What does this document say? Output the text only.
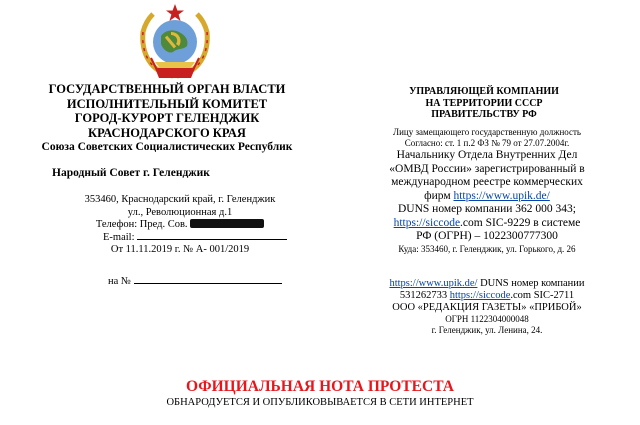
ГОСУДАРСТВЕННЫЙ ОРГАН ВЛАСТИ
ИСПОЛНИТЕЛЬНЫЙ КОМИТЕТ
ГОРОД-КУРОРТ ГЕЛЕНДЖИК
КРАСНОДАРСКОГО КРАЯ
Союза Советских Социалистических Республик
Народный Совет г. Геленджик
353460, Краснодарский край, г. Геленджик
ул., Революционная д.1
Телефон: Пред. Сов.
E-mail:
От 11.11.2019 г. № А- 001/2019
на №
УПРАВЛЯЮЩЕЙ КОМПАНИИ
НА ТЕРРИТОРИИ СССР
ПРАВИТЕЛЬСТВУ РФ
Лицу замещающего государственную должность
Согласно: ст. 1 п.2 ФЗ № 79 от 27.07.2004г.
Начальнику Отдела Внутренних Дел
«ОМВД России» зарегистрированный в
международном реестре коммерческих
фирм https://www.upik.de/
DUNS номер компании 362 000 343;
https://siccode.com SIC-9229 в системе
РФ (ОГРН) – 1022300777300
Куда: 353460, г. Геленджик, ул. Горького, д. 26
https://www.upik.de/ DUNS номер компании
531262733 https://siccode.com SIC-2711
ООО «РЕДАКЦИЯ ГАЗЕТЫ» «ПРИБОЙ»
ОГРН 1122304000048
г. Геленджик, ул. Ленина, 24.
ОФИЦИАЛЬНАЯ НОТА ПРОТЕСТА
ОБНАРОДУЕТСЯ И ОПУБЛИКОВЫВАЕТСЯ В СЕТИ ИНТЕРНЕТ
